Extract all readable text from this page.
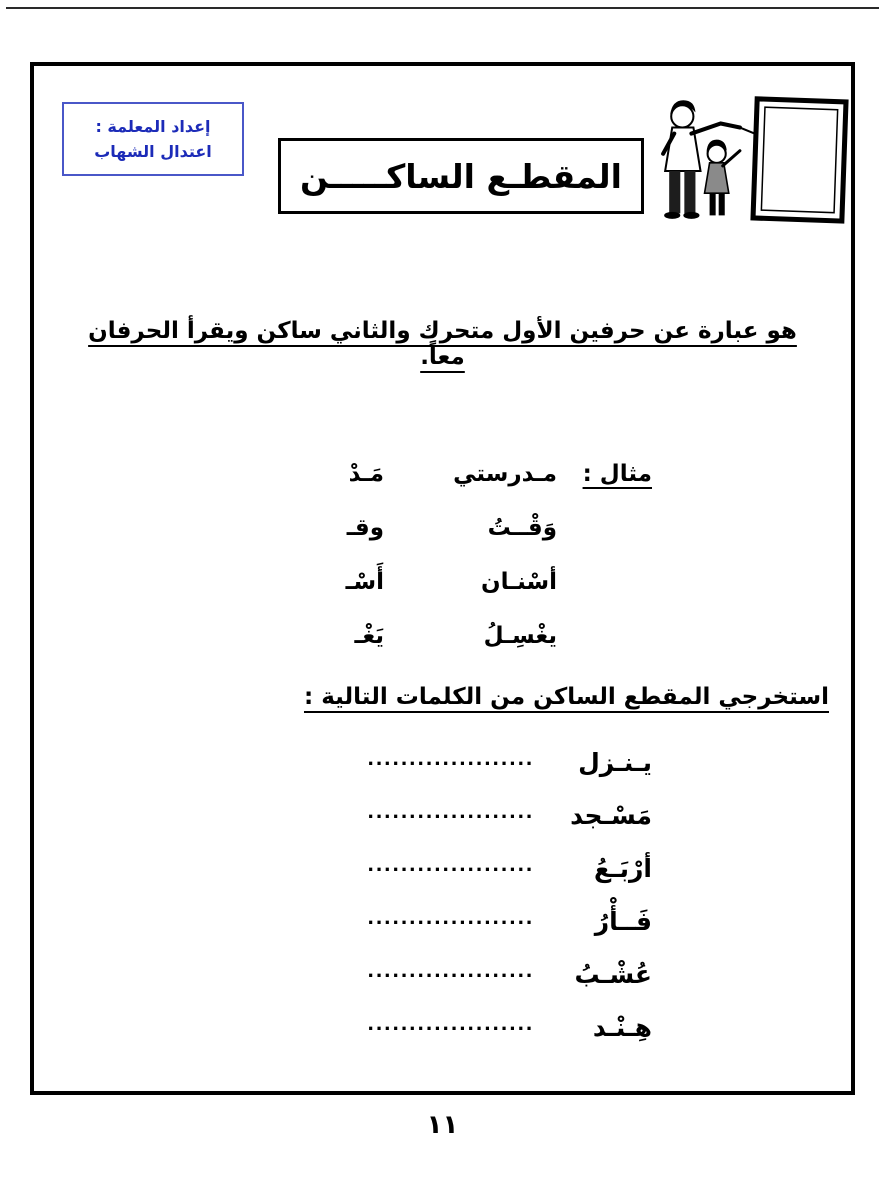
إعداد المعلمة :
اعتدال الشهاب
المقطـع الساكـــــن
هو عبارة عن حرفين الأول متحرك والثاني ساكن ويقرأ الحرفان معاً.
مثال :
مـدرستي
مَـدْ
وَقْــتُ
وقـ
أسْنـان
أَسْـ
يغْسِـلُ
يَغْـ
استخرجي المقطع الساكن من الكلمات التالية :
يـنـزل
....................
مَسْـجد
....................
أرْبَـعُ
....................
فَــأْرُ
....................
عُشْـبُ
....................
هِـنْـد
....................
١١
